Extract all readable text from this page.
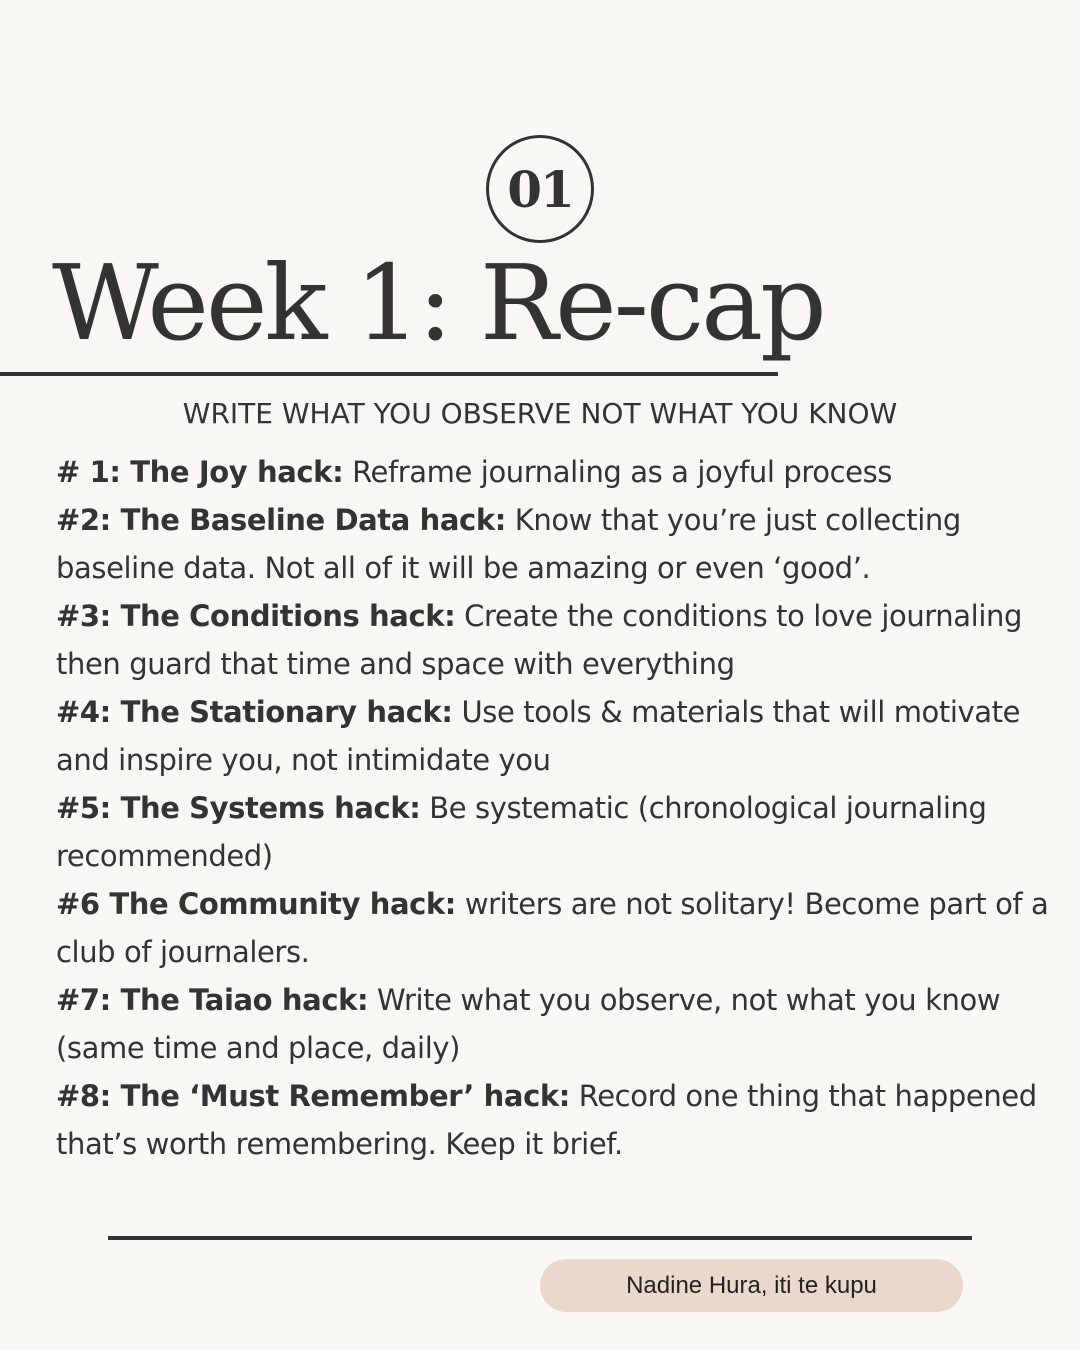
01
Week 1: Re-cap
WRITE WHAT YOU OBSERVE NOT WHAT YOU KNOW
# 1: The Joy hack: Reframe journaling as a joyful process
#2: The Baseline Data hack: Know that you’re just collecting baseline data. Not all of it will be amazing or even ‘good’.
#3: The Conditions hack: Create the conditions to love journaling then guard that time and space with everything
#4: The Stationary hack: Use tools & materials that will motivate and inspire you, not intimidate you
#5: The Systems hack: Be systematic (chronological journaling recommended)
#6 The Community hack: writers are not solitary! Become part of a club of journalers.
#7: The Taiao hack: Write what you observe, not what you know (same time and place, daily)
#8: The ‘Must Remember’ hack: Record one thing that happened that’s worth remembering. Keep it brief.
Nadine Hura, iti te kupu
